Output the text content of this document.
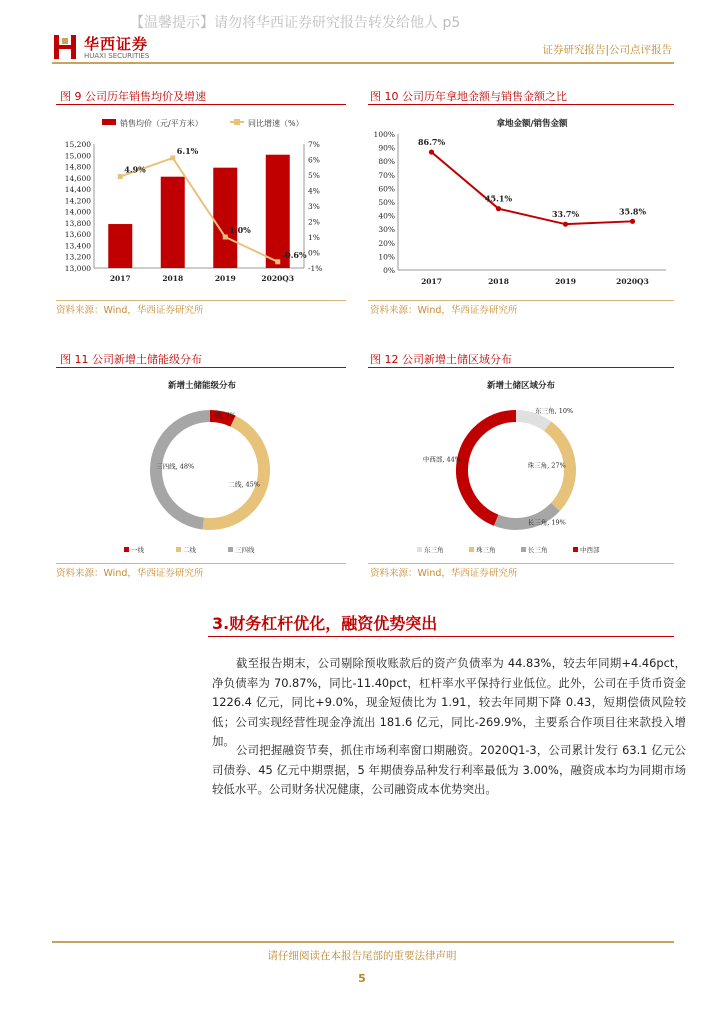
【温馨提示】请勿将华西证券研究报告转发给他人 p5
华西证券
HUAXI SECURITIES	证券研究报告|公司点评报告
图 9 公司历年销售均价及增速
销售均价（元/平方米）	同比增速（%）
13,000
13,200
13,400
13,600
13,800
14,000
14,200
14,400
14,600
14,800
15,000
15,200
-1%
0%
1%
2%
3%
4%
5%
6%
7%
2017	2018	2019	2020Q3
4.9%
6.1%
1.0%
-0.6%
资料来源：Wind，华西证券研究所
图 10 公司历年拿地金额与销售金额之比
拿地金额/销售金额
0%
10%
20%
30%
40%
50%
60%
70%
80%
90%
100%
2017	2018	2019	2020Q3
86.7%
45.1%
33.7%	35.8%
资料来源：Wind，华西证券研究所
图 11 公司新增土储能级分布
新增土储能级分布
一线, 7%
二线, 45%
三四线, 48%
一线	二线	三四线
资料来源：Wind，华西证券研究所
图 12 公司新增土储区域分布
新增土储区域分布
东三角, 10%
珠三角, 27%
长三角, 19%
中西部, 44%
东三角	珠三角	长三角	中西部
资料来源：Wind，华西证券研究所
3.财务杠杆优化，融资优势突出
截至报告期末，公司剔除预收账款后的资产负债率为 44.83%，较去年同期+4.46pct，净负债率为 70.87%，同比-11.40pct，杠杆率水平保持行业低位。此外，公司在手货币资金 1226.4 亿元，同比+9.0%，现金短债比为 1.91，较去年同期下降 0.43，短期偿债风险较低；公司实现经营性现金净流出 181.6 亿元，同比-269.9%，主要系合作项目往来款投入增加。
公司把握融资节奏，抓住市场利率窗口期融资。2020Q1-3，公司累计发行 63.1 亿元公司债券、45 亿元中期票据，5 年期债券品种发行利率最低为 3.00%，融资成本均为同期市场较低水平。公司财务状况健康，公司融资成本优势突出。
请仔细阅读在本报告尾部的重要法律声明
5
